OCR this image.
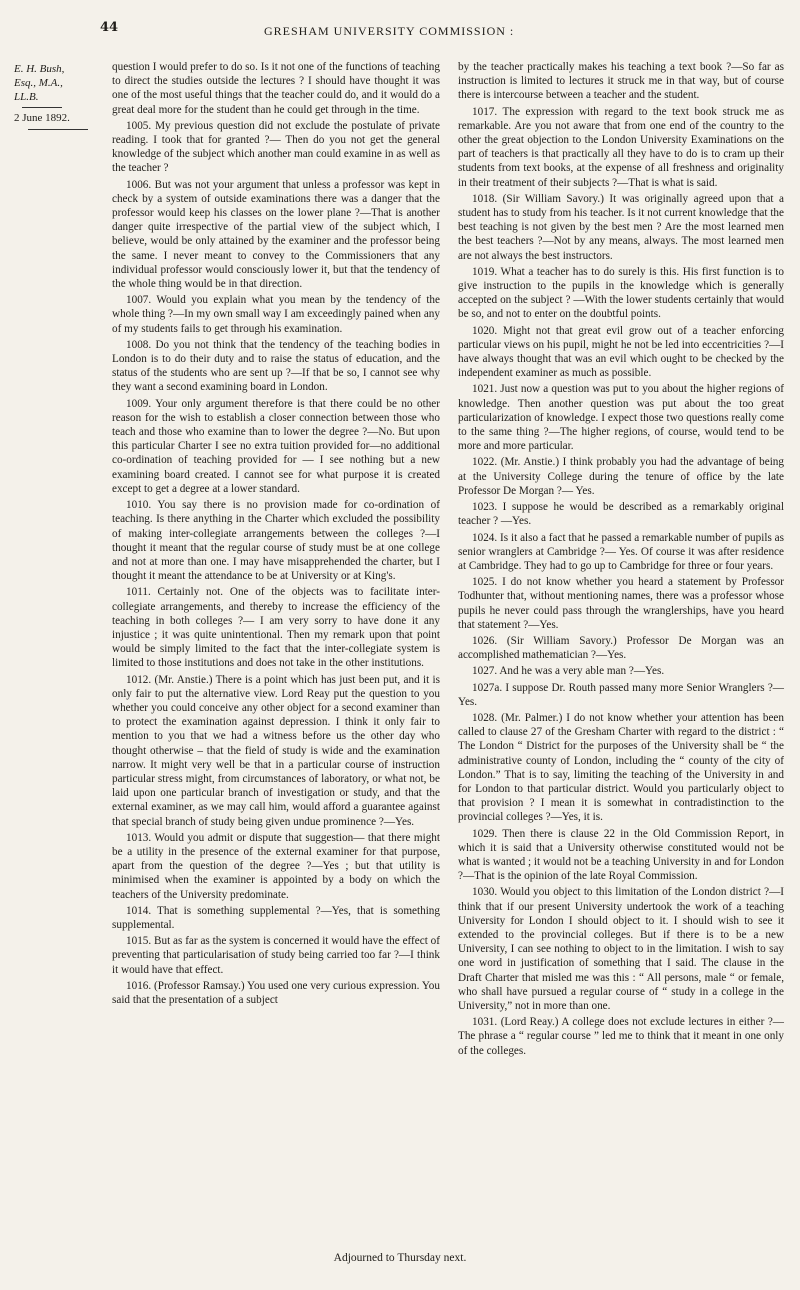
44	GRESHAM UNIVERSITY COMMISSION :
E. H. Bush,
Esq., M.A.,
LL.B.
2 June 1892.

question I would prefer to do so. Is it not one of the functions of teaching to direct the studies outside the lectures ? I should have thought it was one of the most useful things that the teacher could do, and it would do a great deal more for the student than he could get through in the time.

1005. My previous question did not exclude the postulate of private reading. I took that for granted ?— Then do you not get the general knowledge of the subject which another man could examine in as well as the teacher ?

1006. But was not your argument that unless a professor was kept in check by a system of outside examinations there was a danger that the professor would keep his classes on the lower plane ?—That is another danger quite irrespective of the partial view of the subject which, I believe, would be only attained by the examiner and the professor being the same. I never meant to convey to the Commissioners that any individual professor would consciously lower it, but that the tendency of the whole thing would be in that direction.

1007. Would you explain what you mean by the tendency of the whole thing ?—In my own small way I am exceedingly pained when any of my students fails to get through his examination.

1008. Do you not think that the tendency of the teaching bodies in London is to do their duty and to raise the status of education, and the status of the students who are sent up ?—If that be so, I cannot see why they want a second examining board in London.

1009. Your only argument therefore is that there could be no other reason for the wish to establish a closer connection between those who teach and those who examine than to lower the degree ?—No. But upon this particular Charter I see no extra tuition provided for—no additional co-ordination of teaching provided for — I see nothing but a new examining board created. I cannot see for what purpose it is created except to get a degree at a lower standard.

1010. You say there is no provision made for co-ordination of teaching. Is there anything in the Charter which excluded the possibility of making inter-collegiate arrangements between the colleges ?—I thought it meant that the regular course of study must be at one college and not at more than one. I may have misapprehended the charter, but I thought it meant the attendance to be at University or at King's.

1011. Certainly not. One of the objects was to facilitate inter-collegiate arrangements, and thereby to increase the efficiency of the teaching in both colleges ?— I am very sorry to have done it any injustice ; it was quite unintentional. Then my remark upon that point would be simply limited to the fact that the inter-collegiate system is limited to those institutions and does not take in the other institutions.

1012. (Mr. Anstie.) There is a point which has just been put, and it is only fair to put the alternative view. Lord Reay put the question to you whether you could conceive any other object for a second examiner than to protect the examination against depression. I think it only fair to mention to you that we had a witness before us the other day who thought otherwise – that the field of study is wide and the examination narrow. It might very well be that in a particular course of instruction particular stress might, from circumstances of laboratory, or what not, be laid upon one particular branch of investigation or study, and that the external examiner, as we may call him, would afford a guarantee against that special branch of study being given undue prominence ?—Yes.

1013. Would you admit or dispute that suggestion— that there might be a utility in the presence of the external examiner for that purpose, apart from the question of the degree ?—Yes ; but that utility is minimised when the examiner is appointed by a body on which the teachers of the University predominate.

1014. That is something supplemental ?—Yes, that is something supplemental.

1015. But as far as the system is concerned it would have the effect of preventing that particularisation of study being carried too far ?—I think it would have that effect.

1016. (Professor Ramsay.) You used one very curious expression. You said that the presentation of a subject

by the teacher practically makes his teaching a text book ?—So far as instruction is limited to lectures it struck me in that way, but of course there is intercourse between a teacher and the student.

1017. The expression with regard to the text book struck me as remarkable. Are you not aware that from one end of the country to the other the great objection to the London University Examinations on the part of teachers is that practically all they have to do is to cram up their students from text books, at the expense of all freshness and originality in their treatment of their subjects ?—That is what is said.

1018. (Sir William Savory.) It was originally agreed upon that a student has to study from his teacher. Is it not current knowledge that the best teaching is not given by the best men ? Are the most learned men the best teachers ?—Not by any means, always. The most learned men are not always the best instructors.

1019. What a teacher has to do surely is this. His first function is to give instruction to the pupils in the knowledge which is generally accepted on the subject ? —With the lower students certainly that would be so, and not to enter on the doubtful points.

1020. Might not that great evil grow out of a teacher enforcing particular views on his pupil, might he not be led into eccentricities ?—I have always thought that was an evil which ought to be checked by the independent examiner as much as possible.

1021. Just now a question was put to you about the higher regions of knowledge. Then another question was put about the too great particularization of knowledge. I expect those two questions really come to the same thing ?—The higher regions, of course, would tend to be more and more particular.

1022. (Mr. Anstie.) I think probably you had the advantage of being at the University College during the tenure of office by the late Professor De Morgan ?— Yes.

1023. I suppose he would be described as a remarkably original teacher ? —Yes.

1024. Is it also a fact that he passed a remarkable number of pupils as senior wranglers at Cambridge ?— Yes. Of course it was after residence at Cambridge. They had to go up to Cambridge for three or four years.

1025. I do not know whether you heard a statement by Professor Todhunter that, without mentioning names, there was a professor whose pupils he never could pass through the wranglerships, have you heard that statement ?—Yes.

1026. (Sir William Savory.) Professor De Morgan was an accomplished mathematician ?—Yes.

1027. And he was a very able man ?—Yes.

1027a. I suppose Dr. Routh passed many more Senior Wranglers ?—Yes.

1028. (Mr. Palmer.) I do not know whether your attention has been called to clause 27 of the Gresham Charter with regard to the district : “ The London “ District for the purposes of the University shall be “ the administrative county of London, including the “ county of the city of London.” That is to say, limiting the teaching of the University in and for London to that particular district. Would you particularly object to that provision ? I mean it is somewhat in contradistinction to the provincial colleges ?—Yes, it is.

1029. Then there is clause 22 in the Old Commission Report, in which it is said that a University otherwise constituted would not be what is wanted ; it would not be a teaching University in and for London ?—That is the opinion of the late Royal Commission.

1030. Would you object to this limitation of the London district ?—I think that if our present University undertook the work of a teaching University for London I should object to it. I should wish to see it extended to the provincial colleges. But if there is to be a new University, I can see nothing to object to in the limitation. I wish to say one word in justification of something that I said. The clause in the Draft Charter that misled me was this : “ All persons, male “ or female, who shall have pursued a regular course of “ study in a college in the University,” not in more than one.

1031. (Lord Reay.) A college does not exclude lectures in either ?—The phrase a “ regular course ” led me to think that it meant in one only of the colleges.

Adjourned to Thursday next.
